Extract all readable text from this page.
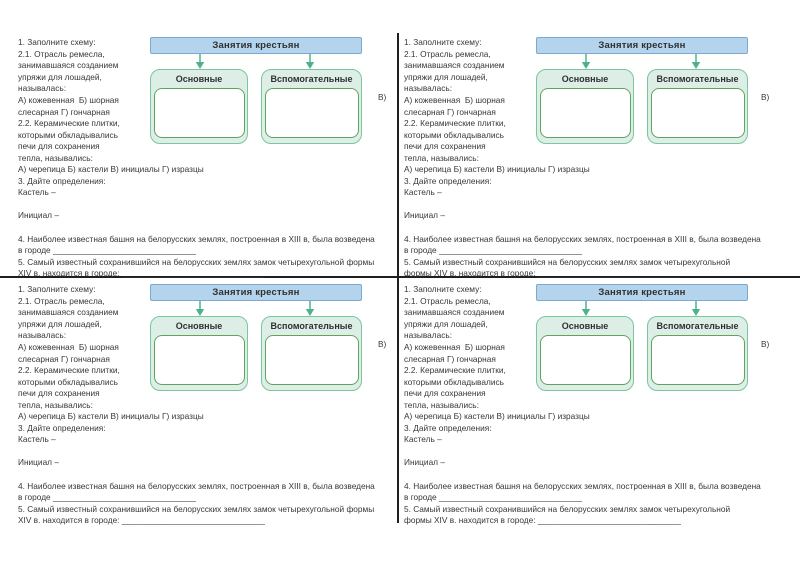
1. Заполните схему:
2.1. Отрасль ремесла,
занимавшаяся созданием
упряжи для лошадей,
называлась:
А) кожевенная  Б) шорная
слесарная Г) гончарная
2.2. Керамические плитки,
которыми обкладывались
печи для сохранения
тепла, назывались:
Занятия крестьян
Основные	Вспомогательные
В)
А) черепица Б) кастели В) инициалы Г) изразцы
3. Дайте определения:
Кастель –
Инициал –
4. Наиболее известная башня на белорусских землях, построенная в XIII в, была возведена
в городе _______________________________
5. Самый известный сохранившийся на белорусских землях замок четырехугольной формы
XIV в. находится в городе: _______________________________
1. Заполните схему:
2.1. Отрасль ремесла,
занимавшаяся созданием
упряжи для лошадей,
называлась:
А) кожевенная  Б) шорная
слесарная Г) гончарная
2.2. Керамические плитки,
которыми обкладывались
печи для сохранения
тепла, назывались:
Занятия крестьян
Основные	Вспомогательные
В)
А) черепица Б) кастели В) инициалы Г) изразцы
3. Дайте определения:
Кастель –
Инициал –
4. Наиболее известная башня на белорусских землях, построенная в XIII в, была возведена
в городе _______________________________
5. Самый известный сохранившийся на белорусских землях замок четырехугольной
формы XIV в. находится в городе: _______________________________
1. Заполните схему:
2.1. Отрасль ремесла,
занимавшаяся созданием
упряжи для лошадей,
называлась:
А) кожевенная  Б) шорная
слесарная Г) гончарная
2.2. Керамические плитки,
которыми обкладывались
печи для сохранения
тепла, назывались:
Занятия крестьян
Основные	Вспомогательные
В)
А) черепица Б) кастели В) инициалы Г) изразцы
3. Дайте определения:
Кастель –
Инициал –
4. Наиболее известная башня на белорусских землях, построенная в XIII в, была возведена
в городе _______________________________
5. Самый известный сохранившийся на белорусских землях замок четырехугольной формы
XIV в. находится в городе: _______________________________
1. Заполните схему:
2.1. Отрасль ремесла,
занимавшаяся созданием
упряжи для лошадей,
называлась:
А) кожевенная  Б) шорная
слесарная Г) гончарная
2.2. Керамические плитки,
которыми обкладывались
печи для сохранения
тепла, назывались:
Занятия крестьян
Основные	Вспомогательные
В)
А) черепица Б) кастели В) инициалы Г) изразцы
3. Дайте определения:
Кастель –
Инициал –
4. Наиболее известная башня на белорусских землях, построенная в XIII в, была возведена
в городе _______________________________
5. Самый известный сохранившийся на белорусских землях замок четырехугольной
формы XIV в. находится в городе: _______________________________
